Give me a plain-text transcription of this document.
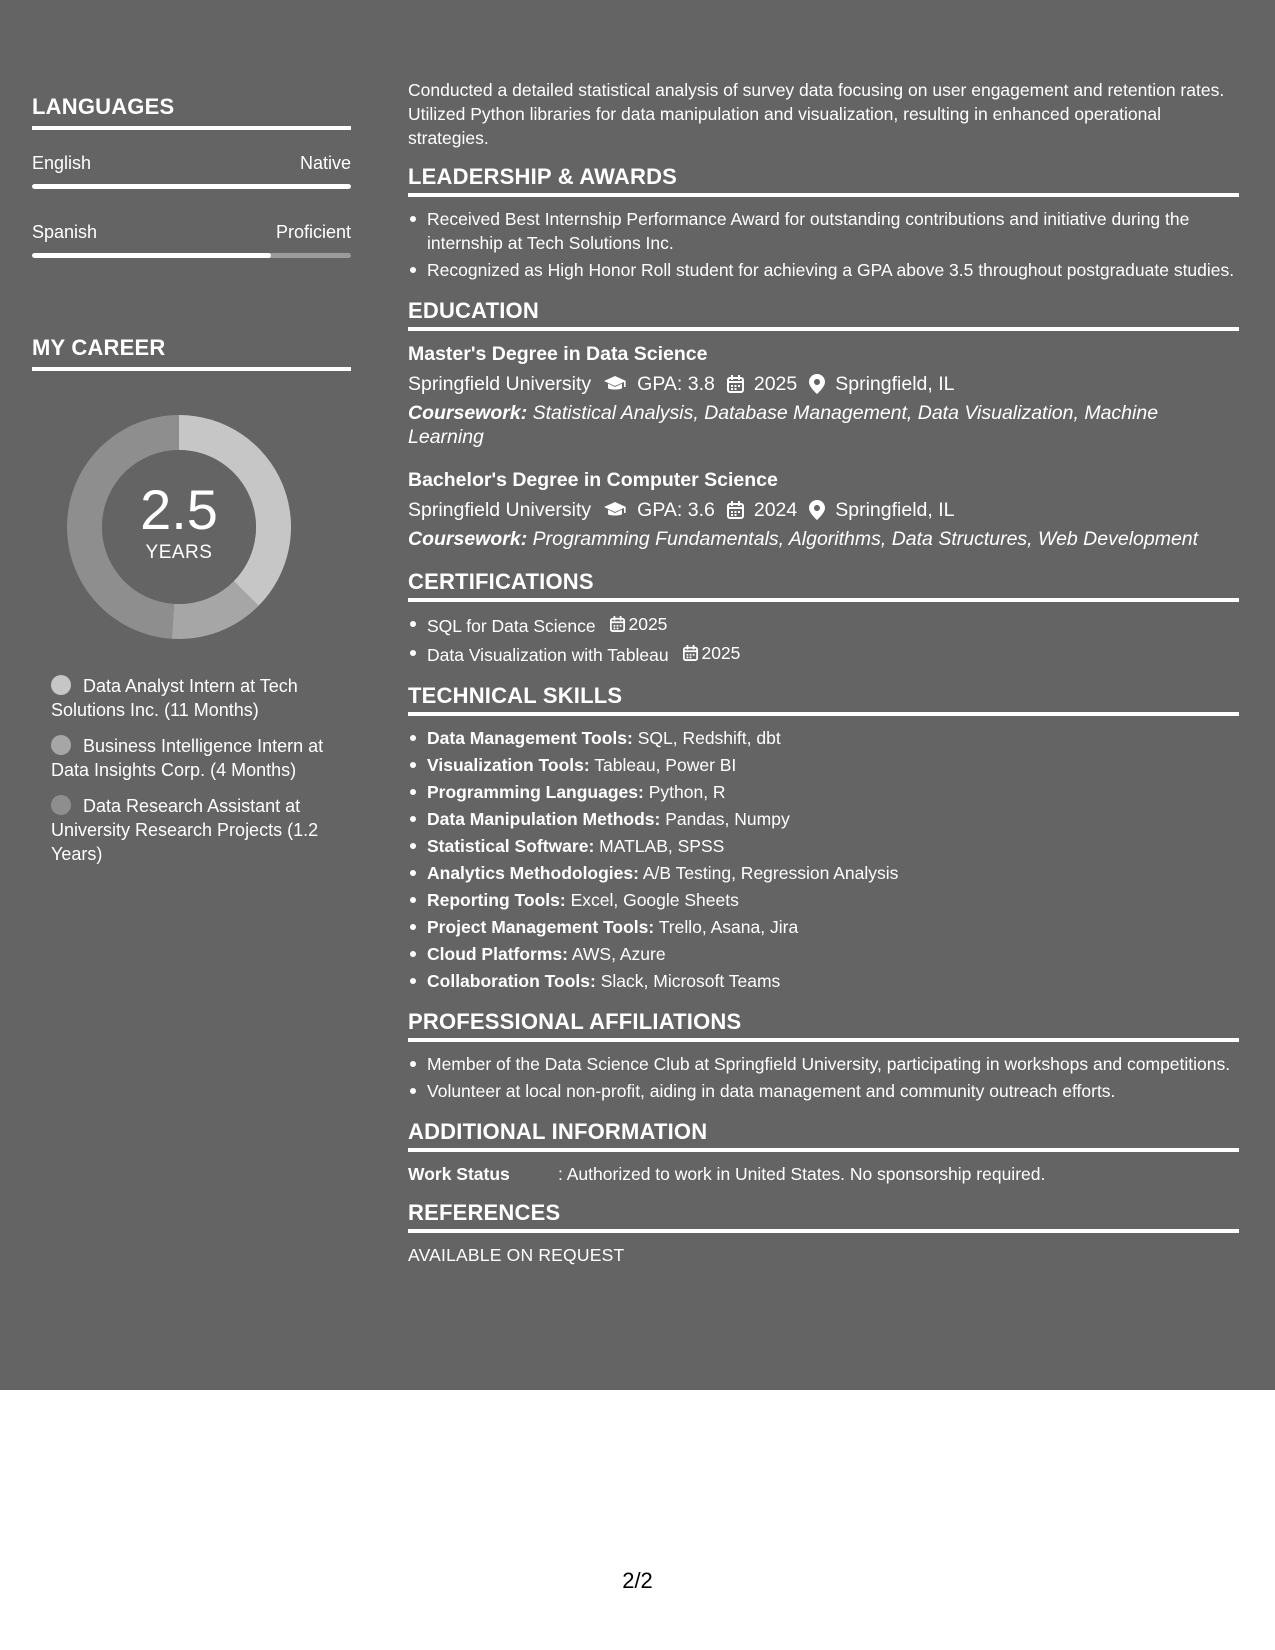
LANGUAGES
English	Native
Spanish	Proficient
MY CAREER
2.5
YEARS
Data Analyst Intern at Tech Solutions Inc. (11 Months)
Business Intelligence Intern at Data Insights Corp. (4 Months)
Data Research Assistant at University Research Projects (1.2 Years)

Conducted a detailed statistical analysis of survey data focusing on user engagement and retention rates. Utilized Python libraries for data manipulation and visualization, resulting in enhanced operational strategies.

LEADERSHIP & AWARDS
Received Best Internship Performance Award for outstanding contributions and initiative during the internship at Tech Solutions Inc.
Recognized as High Honor Roll student for achieving a GPA above 3.5 throughout postgraduate studies.
EDUCATION
Master's Degree in Data Science
Springfield University GPA: 3.8 2025 Springfield, IL
Coursework: Statistical Analysis, Database Management, Data Visualization, Machine Learning
Bachelor's Degree in Computer Science
Springfield University GPA: 3.6 2024 Springfield, IL
Coursework: Programming Fundamentals, Algorithms, Data Structures, Web Development
CERTIFICATIONS
SQL for Data Science 2025
Data Visualization with Tableau 2025
TECHNICAL SKILLS
Data Management Tools: SQL, Redshift, dbt
Visualization Tools: Tableau, Power BI
Programming Languages: Python, R
Data Manipulation Methods: Pandas, Numpy
Statistical Software: MATLAB, SPSS
Analytics Methodologies: A/B Testing, Regression Analysis
Reporting Tools: Excel, Google Sheets
Project Management Tools: Trello, Asana, Jira
Cloud Platforms: AWS, Azure
Collaboration Tools: Slack, Microsoft Teams
PROFESSIONAL AFFILIATIONS
Member of the Data Science Club at Springfield University, participating in workshops and competitions.
Volunteer at local non-profit, aiding in data management and community outreach efforts.
ADDITIONAL INFORMATION
Work Status	: Authorized to work in United States. No sponsorship required.
REFERENCES
AVAILABLE ON REQUEST
2/2
